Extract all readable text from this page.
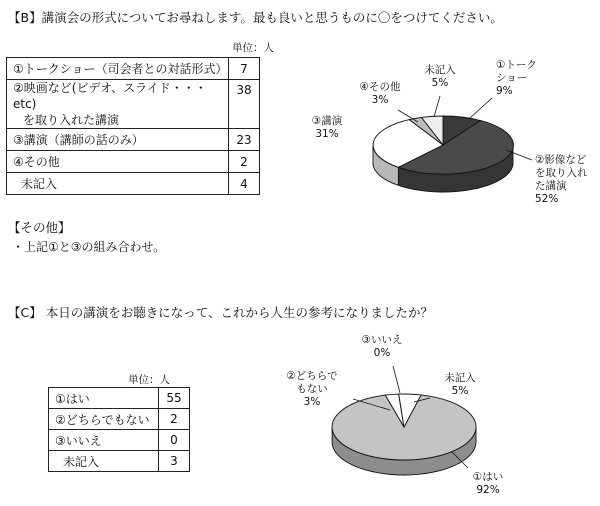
【B】講演会の形式についてお尋ねします。最も良いと思うものに〇をつけてください。
単位：人
①トークショー（司会者との対話形式）	7
②映画など(ビデオ、スライド・・・etc)
を取り入れた講演	38
③講演（講師の話のみ）	23
④その他	2
未記入	4
【その他】
・上記①と③の組み合わせ。
【C】 本日の講演をお聴きになって、これから人生の参考になりましたか？
単位：人
①はい	55
②どちらでもない	2
③いいえ	0
未記入	3
①トークショー
9%
②影像などを取り入れた講演
52%
③講演
31%
④その他
3%
未記入
5%
①はい
92%
②どちらでもない
3%
③いいえ
0%
未記入
5%
